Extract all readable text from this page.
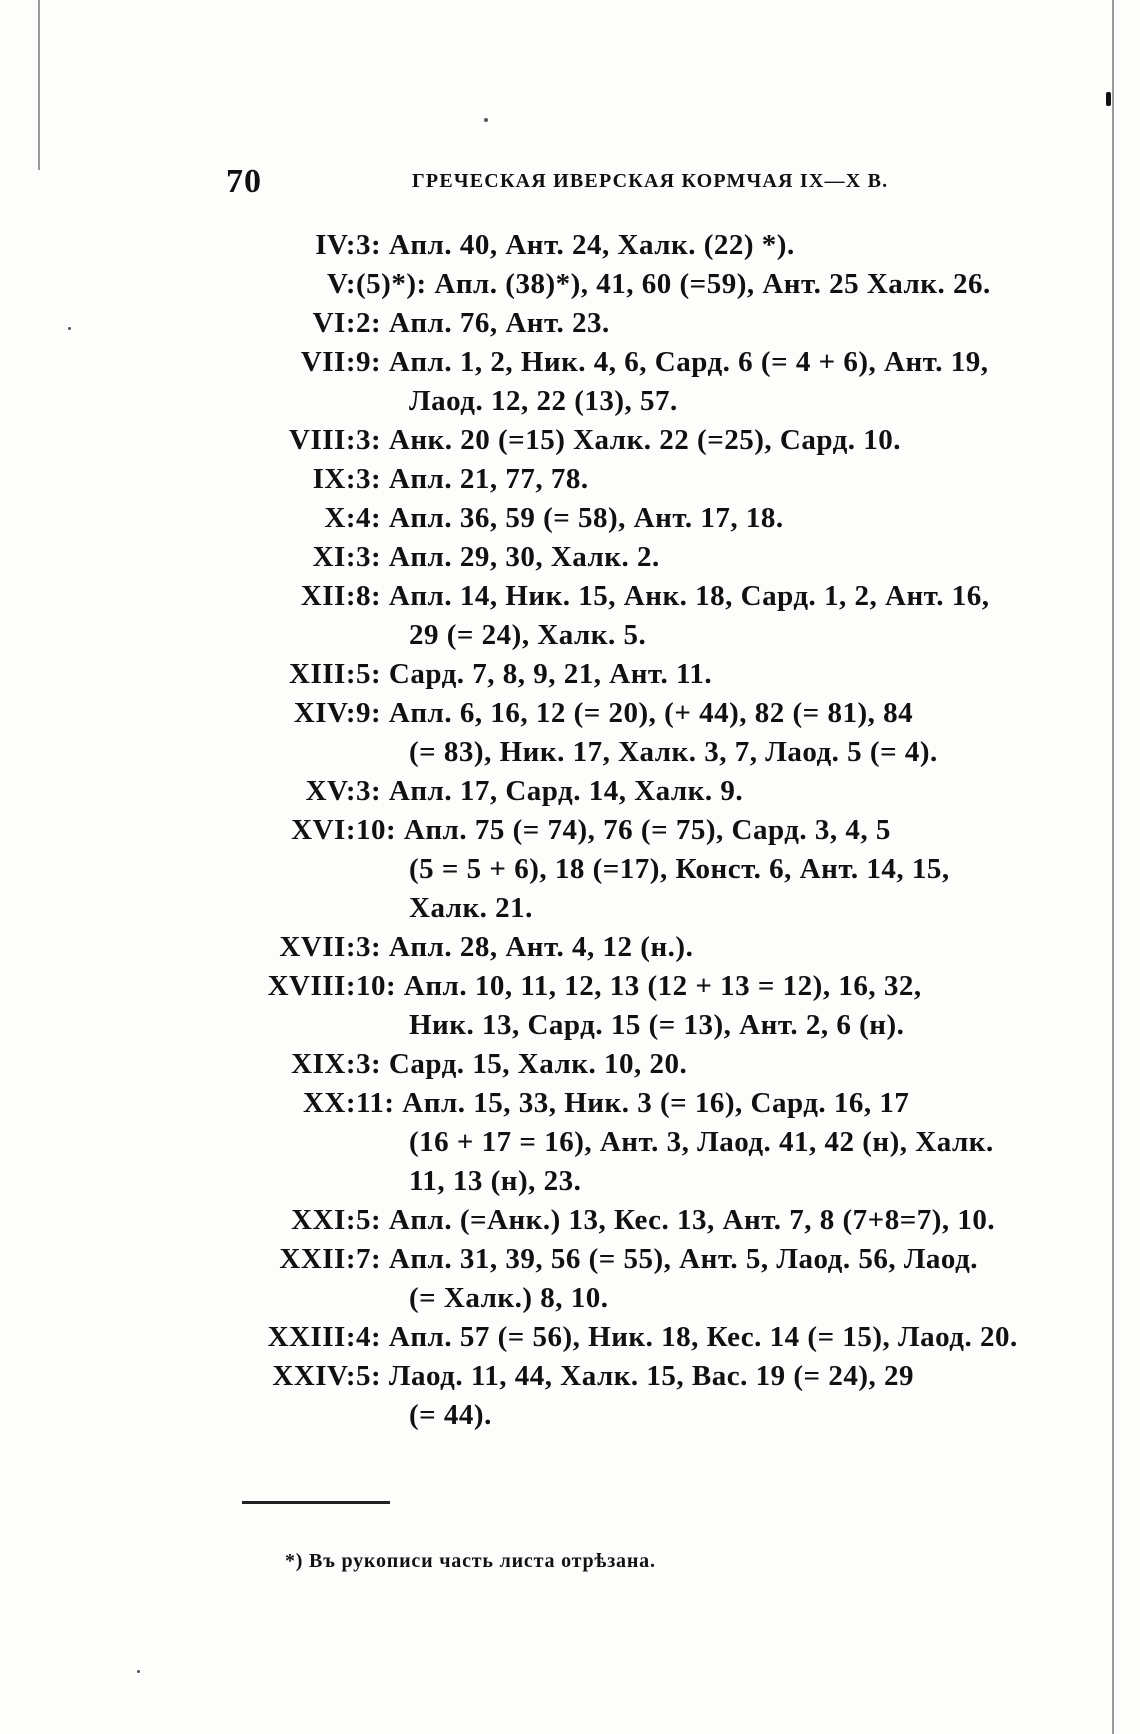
70	ГРЕЧЕСКАЯ ИВЕРСКАЯ КОРМЧАЯ IX—X В.
IV: 3: Апл. 40, Ант. 24, Халк. (22) *).
V: (5)*): Апл. (38)*), 41, 60 (=59), Ант. 25 Халк. 26.
VI: 2: Апл. 76, Ант. 23.
VII: 9: Апл. 1, 2, Ник. 4, 6, Сард. 6 (= 4 + 6), Ант. 19,
Лаод. 12, 22 (13), 57.
VIII: 3: Анк. 20 (=15) Халк. 22 (=25), Сард. 10.
IX: 3: Апл. 21, 77, 78.
X: 4: Апл. 36, 59 (= 58), Ант. 17, 18.
XI: 3: Апл. 29, 30, Халк. 2.
XII: 8: Апл. 14, Ник. 15, Анк. 18, Сард. 1, 2, Ант. 16,
29 (= 24), Халк. 5.
XIII: 5: Сард. 7, 8, 9, 21, Ант. 11.
XIV: 9: Апл. 6, 16, 12 (= 20), (+ 44), 82 (= 81), 84
(= 83), Ник. 17, Халк. 3, 7, Лаод. 5 (= 4).
XV: 3: Апл. 17, Сард. 14, Халк. 9.
XVI: 10: Апл. 75 (= 74), 76 (= 75), Сард. 3, 4, 5
(5 = 5 + 6), 18 (=17), Конст. 6, Ант. 14, 15,
Халк. 21.
XVII: 3: Апл. 28, Ант. 4, 12 (н.).
XVIII: 10: Апл. 10, 11, 12, 13 (12 + 13 = 12), 16, 32,
Ник. 13, Сард. 15 (= 13), Ант. 2, 6 (н).
XIX: 3: Сард. 15, Халк. 10, 20.
XX: 11: Апл. 15, 33, Ник. 3 (= 16), Сард. 16, 17
(16 + 17 = 16), Ант. 3, Лаод. 41, 42 (н), Халк.
11, 13 (н), 23.
XXI: 5: Апл. (=Анк.) 13, Кес. 13, Ант. 7, 8 (7+8=7), 10.
XXII: 7: Апл. 31, 39, 56 (= 55), Ант. 5, Лаод. 56, Лаод.
(= Халк.) 8, 10.
XXIII: 4: Апл. 57 (= 56), Ник. 18, Кес. 14 (= 15), Лаод. 20.
XXIV: 5: Лаод. 11, 44, Халк. 15, Вас. 19 (= 24), 29
(= 44).
*) Въ рукописи часть листа отрѣзана.
